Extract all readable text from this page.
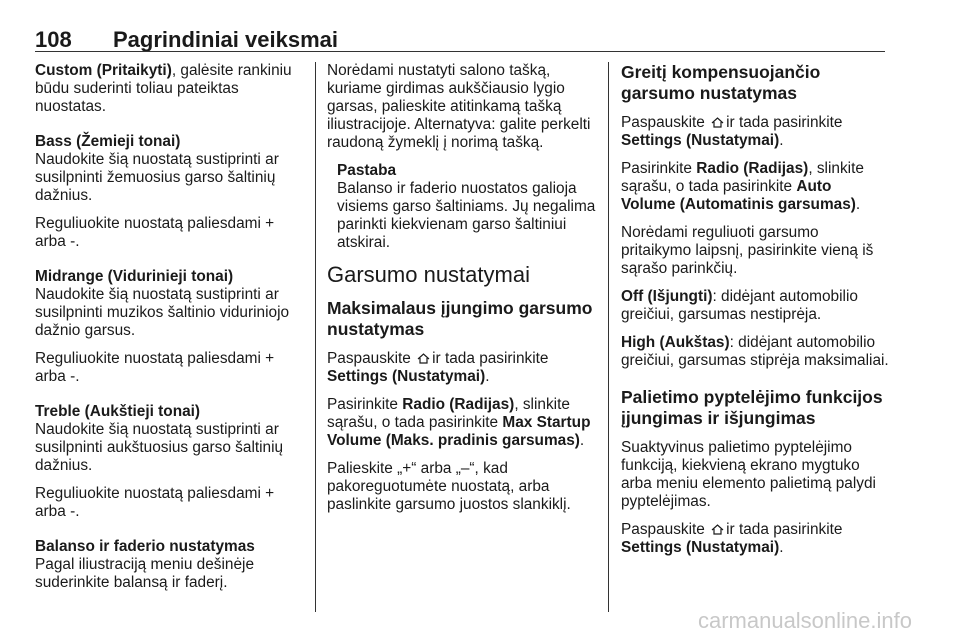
108 Pagrindiniai veiksmai

Custom (Pritaikyti), galėsite rankiniu būdu suderinti toliau pateiktas nuostatas.

Bass (Žemieji tonai)

Naudokite šią nuostatą sustiprinti ar susilpninti žemuosius garso šaltinių dažnius.

Reguliuokite nuostatą paliesdami + arba -.

Midrange (Viduriniejі tonai)

Naudokite šią nuostatą sustiprinti ar susilpninti muzikos šaltinio viduriniojo dažnio garsus.

Reguliuokite nuostatą paliesdami + arba -.

Treble (Aukštieji tonai)

Naudokite šią nuostatą sustiprinti ar susilpninti aukštuosius garso šaltinių dažnius.

Reguliuokite nuostatą paliesdami + arba -.

Balanso ir faderio nustatymas

Pagal iliustraciją meniu dešinėje suderinkite balansą ir faderį.

Norėdami nustatyti salono tašką, kuriame girdimas aukščiausio lygio garsas, palieskite atitinkamą tašką iliustracijoje. Alternatyva: galite perkelti raudoną žymeklį į norimą tašką.

Pastaba
Balanso ir faderio nuostatos galioja visiems garso šaltiniams. Jų negalima parinkti kiekvienam garso šaltiniui atskirai.
Garsumo nustatymai
Maksimalaus įjungimo garsumo nustatymas

Paspauskite ir tada pasirinkite
Settings (Nustatymai).

Pasirinkite Radio (Radijas), slinkite sąrašu, o tada pasirinkite Max Startup Volume (Maks. pradinis garsumas).

Palieskite „+“ arba „–“, kad pakoreguotumėte nuostatą, arba paslinkite garsumo juostos slankiklį.

Greitį kompensuojančio garsumo nustatymas

Paspauskite ir tada pasirinkite
Settings (Nustatymai).

Pasirinkite Radio (Radijas), slinkite sąrašu, o tada pasirinkite Auto Volume (Automatinis garsumas).

Norėdami reguliuoti garsumo pritaikymo laipsnį, pasirinkite vieną iš sąrašo parinkčių.

Off (Išjungti): didėjant automobilio greičiui, garsumas nestiprėja.

High (Aukštas): didėjant automobilio greičiui, garsumas stiprėja maksimaliai.

Palietimo pyptelėjimo funkcijos įjungimas ir išjungimas

Suaktyvinus palietimo pyptelėjimo funkciją, kiekvieną ekrano mygtuko arba meniu elemento palietimą palydi pyptelėjimas.

Paspauskite ir tada pasirinkite
Settings (Nustatymai).

carmanualsonline.info
